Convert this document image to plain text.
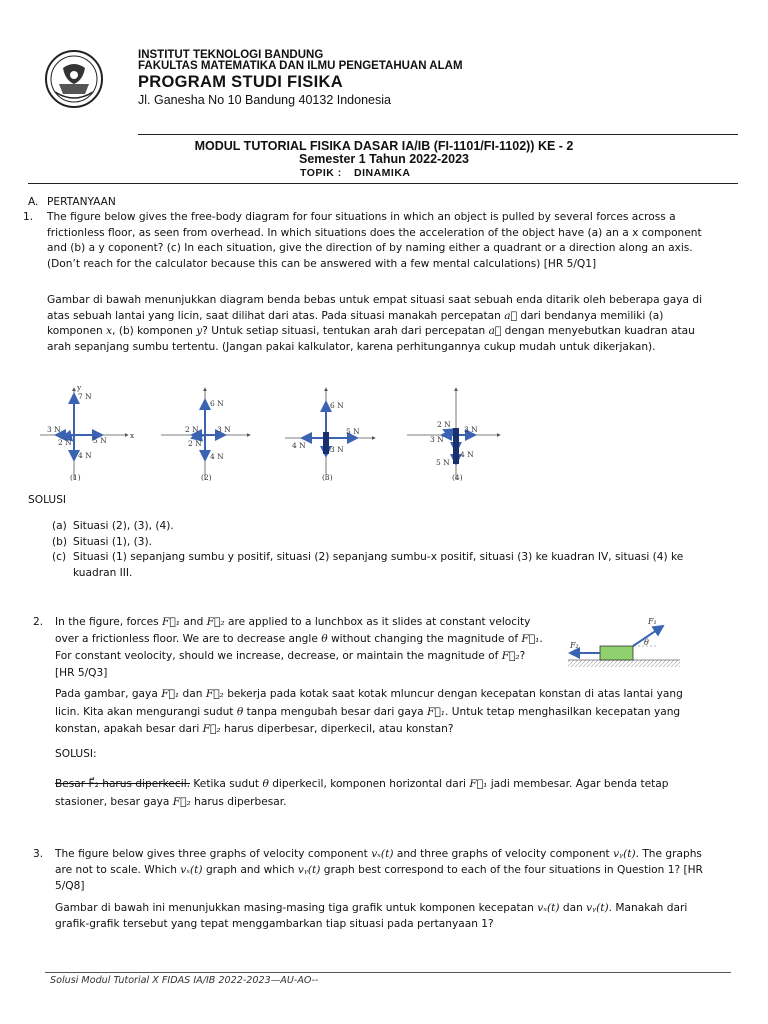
INSTITUT TEKNOLOGI BANDUNG
FAKULTAS MATEMATIKA DAN ILMU PENGETAHUAN ALAM
PROGRAM STUDI FISIKA
Jl. Ganesha No 10 Bandung 40132 Indonesia
MODUL TUTORIAL FISIKA DASAR IA/IB (FI-1101/FI-1102)) KE - 2
Semester 1 Tahun 2022-2023
TOPIK : DINAMIKA
A. PERTANYAAN
1. The figure below gives the free-body diagram for four situations in which an object is pulled by several forces across a frictionless floor, as seen from overhead. In which situations does the acceleration of the object have (a) an a x component and (b) a y coponent? (c) In each situation, give the direction of by naming either a quadrant or a direction along an axis. (Don’t reach for the calculator because this can be answered with a few mental calculations) [HR 5/Q1]
Gambar di bawah menunjukkan diagram benda bebas untuk empat situasi saat sebuah enda ditarik oleh beberapa gaya di atas sebuah lantai yang licin, saat dilihat dari atas. Pada situasi manakah percepatan a⃗ dari bendanya memiliki (a) komponen x, (b) komponen y? Untuk setiap situasi, tentukan arah dari percepatan a⃗ dengan menyebutkan kuadran atau arah sepanjang sumbu tertentu. (Jangan pakai kalkulator, karena perhitungannya cukup mudah untuk dikerjakan).
7 N
3 N
2 N	5 N
4 N
(1)
6 N
2 N 3 N
2 N
4 N
(2)
6 N
5 N
4 N	3 N
(3)
2 N
3 N
5 N
4 N
3 N
(4)
x
y
SOLUSI
(a) Situasi (2), (3), (4).
(b) Situasi (1), (3).
(c) Situasi (1) sepanjang sumbu y positif, situasi (2) sepanjang sumbu-x positif, situasi (3) ke kuadran IV, situasi (4) ke kuadran III.
2. In the figure, forces F⃗₁ and F⃗₂ are applied to a lunchbox as it slides at constant velocity over a frictionless floor. We are to decrease angle θ without changing the magnitude of F⃗₁. For constant veolocity, should we increase, decrease, or maintain the magnitude of F⃗₂? [HR 5/Q3]
F₁
F₂	θ
Pada gambar, gaya F⃗₁ dan F⃗₂ bekerja pada kotak saat kotak mluncur dengan kecepatan konstan di atas lantai yang licin. Kita akan mengurangi sudut θ tanpa mengubah besar dari gaya F⃗₁. Untuk tetap menghasilkan kecepatan yang konstan, apakah besar dari F⃗₂ harus diperbesar, diperkecil, atau konstan?
SOLUSI:
Besar F⃗₂ harus diperkecil. Ketika sudut θ diperkecil, komponen horizontal dari F⃗₁ jadi membesar. Agar benda tetap stasioner, besar gaya F⃗₂ harus diperbesar.
3. The figure below gives three graphs of velocity component vₓ(t) and three graphs of velocity component vᵧ(t). The graphs are not to scale. Which vₓ(t) graph and which vᵧ(t) graph best correspond to each of the four situations in Question 1? [HR 5/Q8]
Gambar di bawah ini menunjukkan masing-masing tiga grafik untuk komponen kecepatan vₓ(t) dan vᵧ(t). Manakah dari grafik-grafik tersebut yang tepat menggambarkan tiap situasi pada pertanyaan 1?
Solusi Modul Tutorial X FIDAS IA/IB 2022-2023—AU-AO--
